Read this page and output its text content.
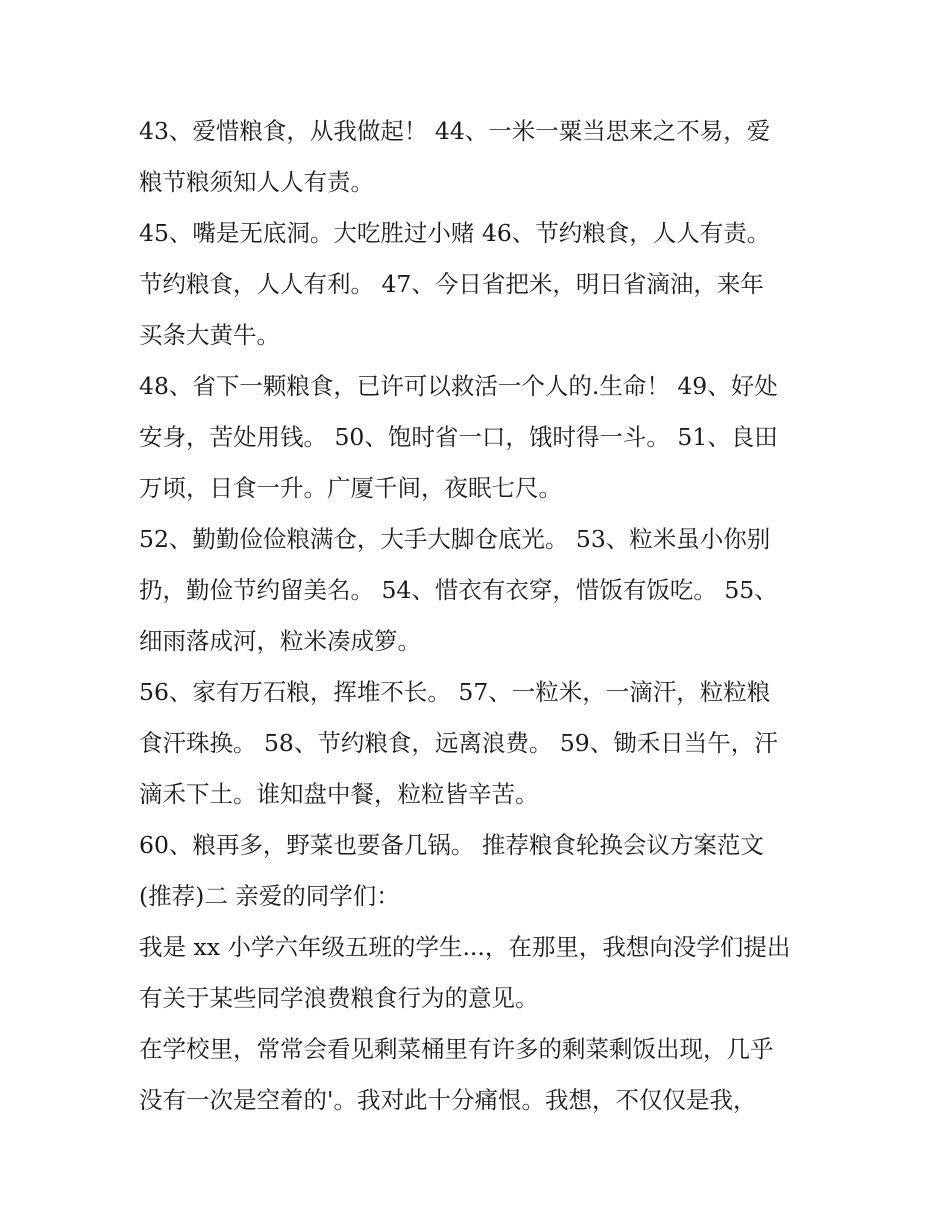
43、爱惜粮食，从我做起！ 44、一米一粟当思来之不易，爱
粮节粮须知人人有责。

45、嘴是无底洞。大吃胜过小赌 46、节约粮食，人人有责。
节约粮食，人人有利。 47、今日省把米，明日省滴油，来年
买条大黄牛。

48、省下一颗粮食，已许可以救活一个人的.生命！ 49、好处
安身，苦处用钱。 50、饱时省一口，饿时得一斗。 51、良田
万顷，日食一升。广厦千间，夜眠七尺。

52、勤勤俭俭粮满仓，大手大脚仓底光。 53、粒米虽小你别
扔，勤俭节约留美名。 54、惜衣有衣穿，惜饭有饭吃。 55、
细雨落成河，粒米凑成箩。

56、家有万石粮，挥堆不长。 57、一粒米，一滴汗，粒粒粮
食汗珠换。 58、节约粮食，远离浪费。 59、锄禾日当午，汗
滴禾下土。谁知盘中餐，粒粒皆辛苦。

60、粮再多，野菜也要备几锅。 推荐粮食轮换会议方案范文
(推荐)二 亲爱的同学们：

我是 xx 小学六年级五班的学生...，在那里，我想向没学们提出
有关于某些同学浪费粮食行为的意见。

在学校里，常常会看见剩菜桶里有许多的剩菜剩饭出现，几乎
没有一次是空着的'。我对此十分痛恨。我想，不仅仅是我，
